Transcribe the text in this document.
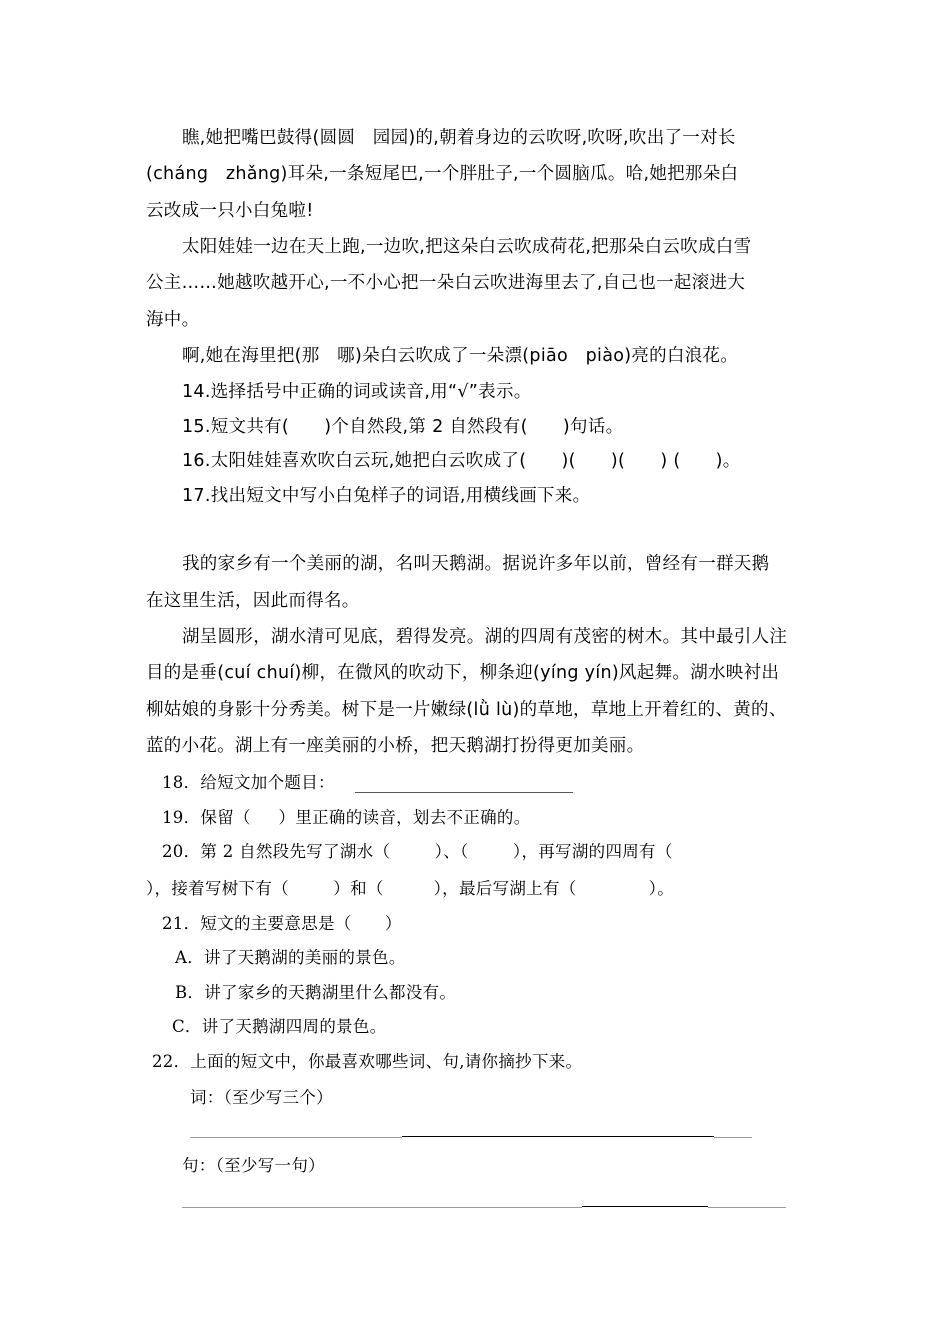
瞧,她把嘴巴鼓得(圆圆   园园)的,朝着身边的云吹呀,吹呀,吹出了一对长
(cháng   zhǎng)耳朵,一条短尾巴,一个胖肚子,一个圆脑瓜。哈,她把那朵白
云改成一只小白兔啦!
太阳娃娃一边在天上跑,一边吹,把这朵白云吹成荷花,把那朵白云吹成白雪
公主……她越吹越开心,一不小心把一朵白云吹进海里去了,自己也一起滚进大
海中。
啊,她在海里把(那   哪)朵白云吹成了一朵漂(piāo   piào)亮的白浪花。
14.选择括号中正确的词或读音,用“√”表示。
15.短文共有(      )个自然段,第 2 自然段有(      )句话。
16.太阳娃娃喜欢吹白云玩,她把白云吹成了(      )(      )(      ) (      )。
17.找出短文中写小白兔样子的词语,用横线画下来。
我的家乡有一个美丽的湖，名叫天鹅湖。据说许多年以前，曾经有一群天鹅
在这里生活，因此而得名。
湖呈圆形，湖水清可见底，碧得发亮。湖的四周有茂密的树木。其中最引人注
目的是垂(cuí chuí)柳，在微风的吹动下，柳条迎(yíng yín)风起舞。湖水映衬出
柳姑娘的身影十分秀美。树下是一片嫩绿(lǜ lù)的草地，草地上开着红的、黄的、
蓝的小花。湖上有一座美丽的小桥，把天鹅湖打扮得更加美丽。
18．给短文加个题目：
19．保留（     ）里正确的读音，划去不正确的。
20．第 2 自然段先写了湖水（        ）、（        ），再写湖的四周有（
），接着写树下有（        ）和（         ），最后写湖上有（             ）。
21．短文的主要意思是（      ）
A．讲了天鹅湖的美丽的景色。
B．讲了家乡的天鹅湖里什么都没有。
C．讲了天鹅湖四周的景色。
22．上面的短文中，你最喜欢哪些词、句,请你摘抄下来。
词：（至少写三个）
句：（至少写一句）
